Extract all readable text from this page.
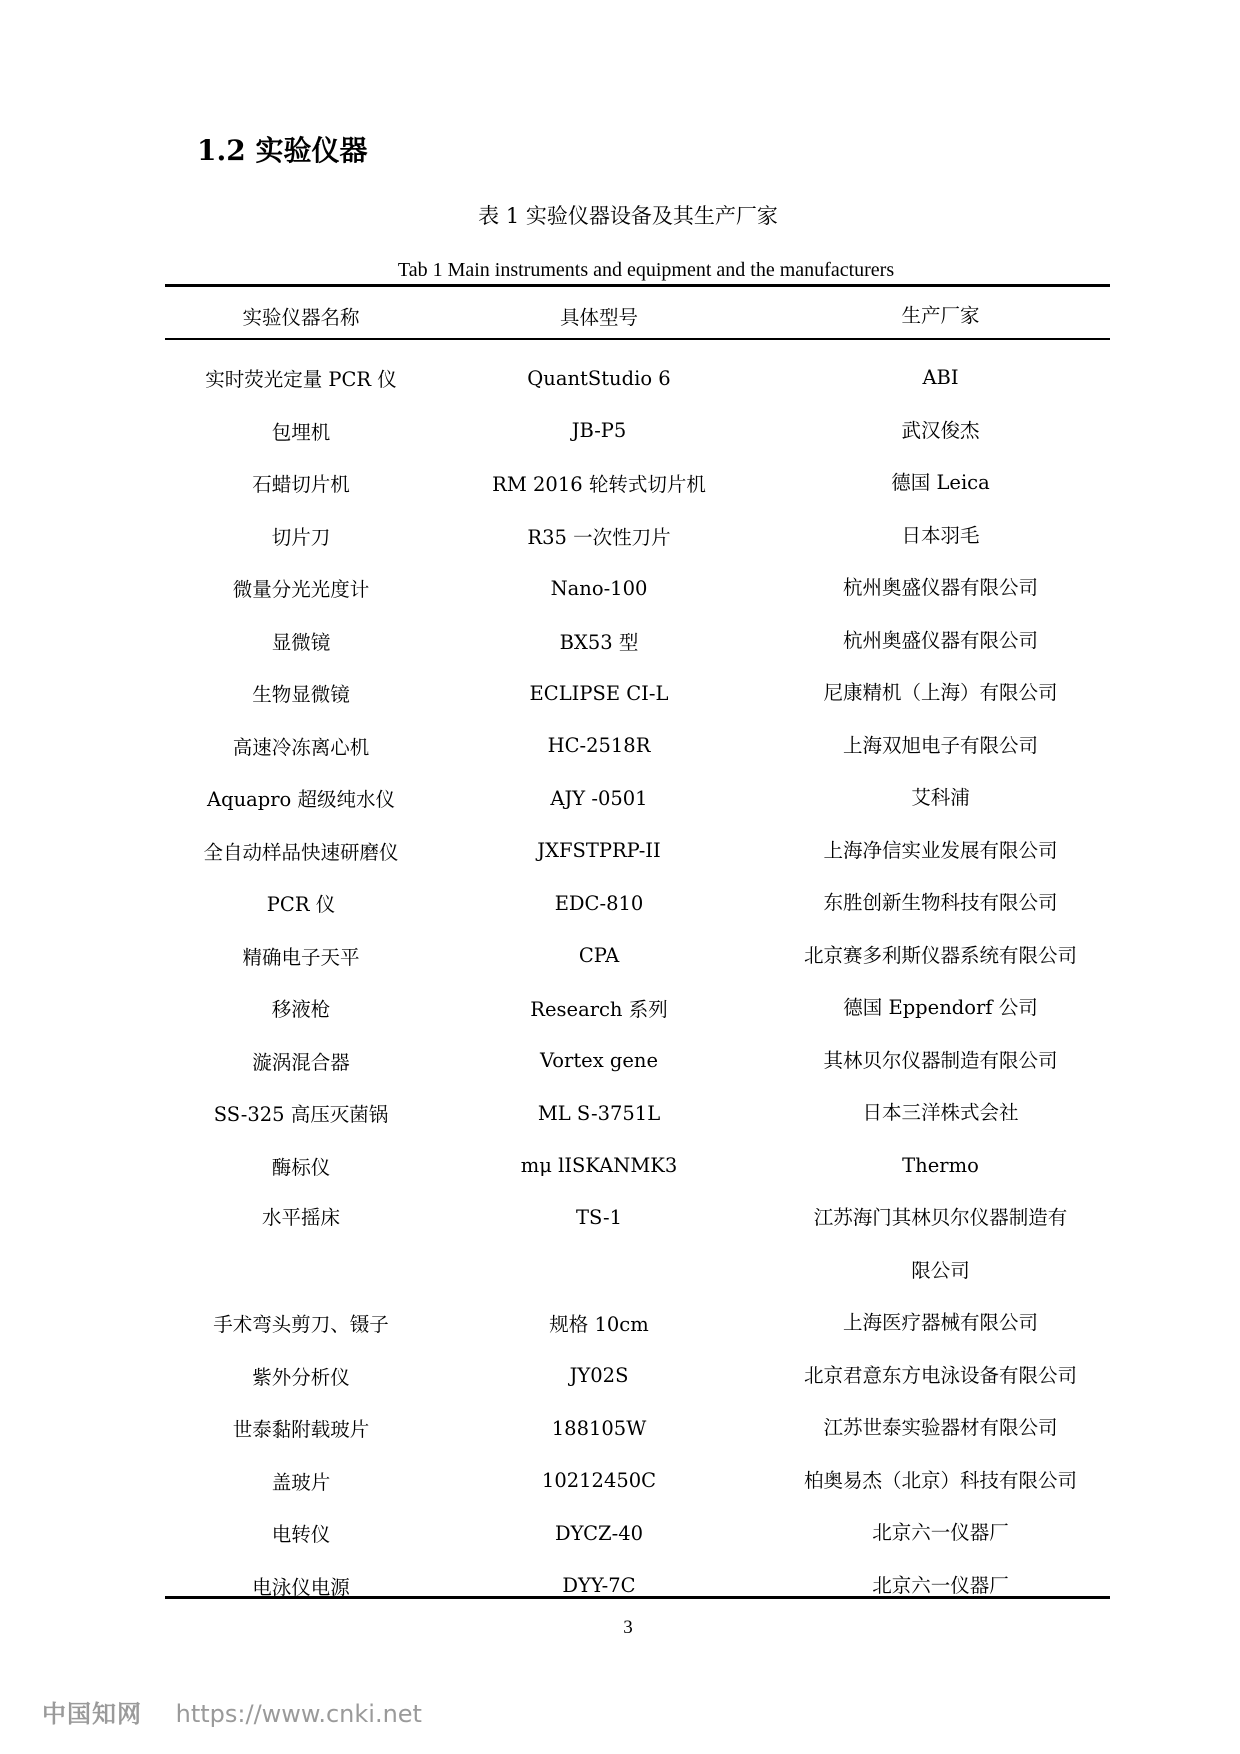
1.2 实验仪器
表 1 实验仪器设备及其生产厂家
Tab 1 Main instruments and equipment and the manufacturers
实验仪器名称	具体型号	生产厂家
实时荧光定量 PCR 仪	QuantStudio 6	ABI
包埋机	JB-P5	武汉俊杰
石蜡切片机	RM 2016 轮转式切片机	德国 Leica
切片刀	R35 一次性刀片	日本羽毛
微量分光光度计	Nano-100	杭州奥盛仪器有限公司
显微镜	BX53 型	杭州奥盛仪器有限公司
生物显微镜	ECLIPSE CI-L	尼康精机（上海）有限公司
高速冷冻离心机	HC-2518R	上海双旭电子有限公司
Aquapro 超级纯水仪	AJY -0501	艾科浦
全自动样品快速研磨仪	JXFSTPRP-II	上海净信实业发展有限公司
PCR 仪	EDC-810	东胜创新生物科技有限公司
精确电子天平	CPA	北京赛多利斯仪器系统有限公司
移液枪	Research 系列	德国 Eppendorf 公司
漩涡混合器	Vortex gene	其林贝尔仪器制造有限公司
SS-325 高压灭菌锅	ML S-3751L	日本三洋株式会社
酶标仪	mμ lISKANMK3	Thermo
水平摇床	TS-1	江苏海门其林贝尔仪器制造有限公司
手术弯头剪刀、镊子	规格 10cm	上海医疗器械有限公司
紫外分析仪	JY02S	北京君意东方电泳设备有限公司
世泰黏附载玻片	188105W	江苏世泰实验器材有限公司
盖玻片	10212450C	柏奥易杰（北京）科技有限公司
电转仪	DYCZ-40	北京六一仪器厂
电泳仪电源	DYY-7C	北京六一仪器厂
3
中国知网 https://www.cnki.net
